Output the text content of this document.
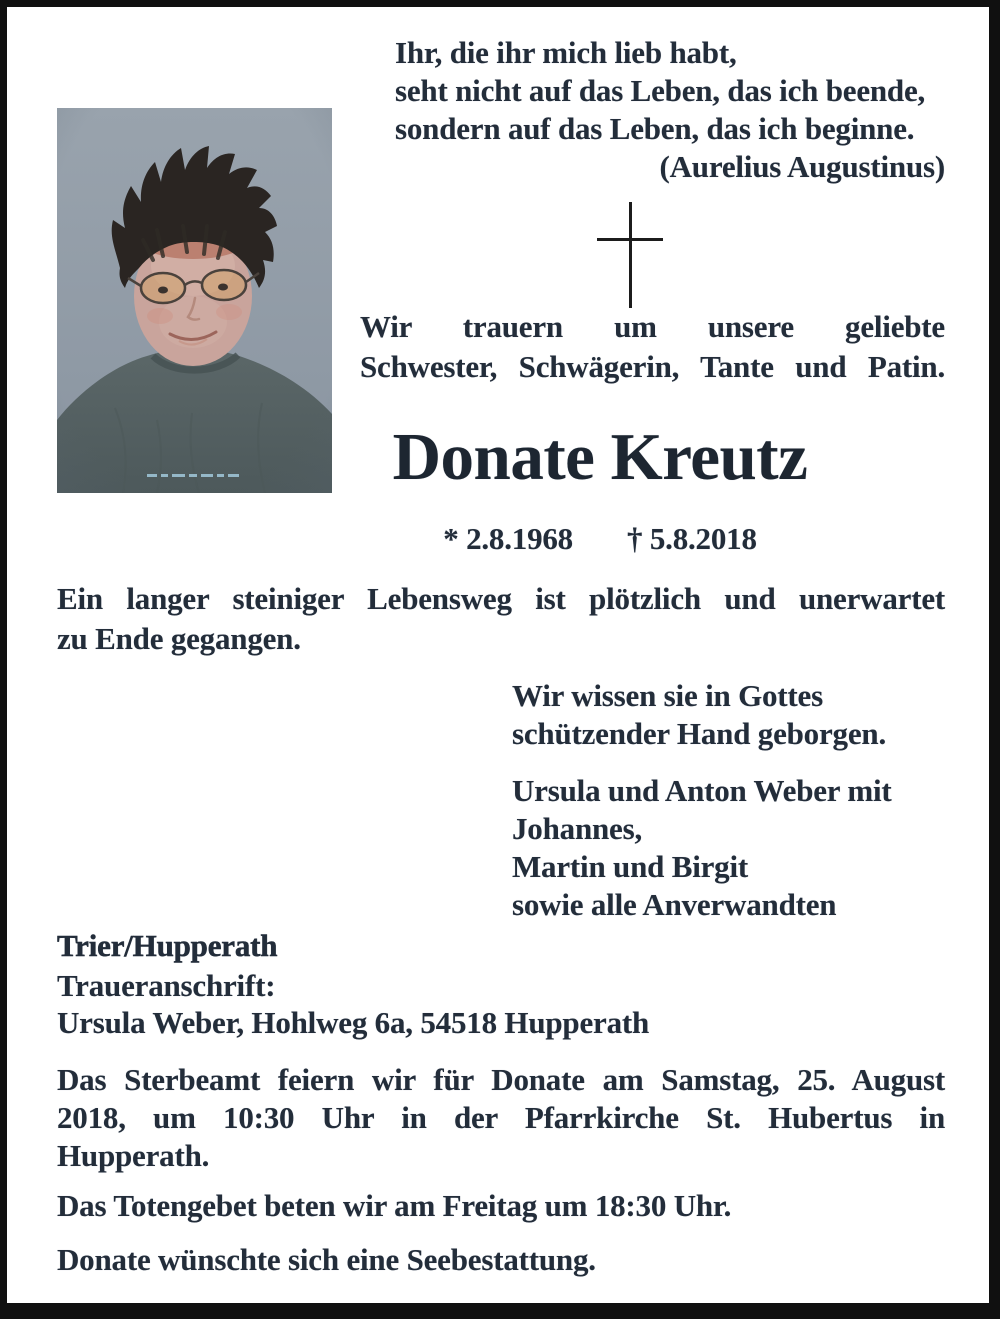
Ihr, die ihr mich lieb habt,
seht nicht auf das Leben, das ich beende,
sondern auf das Leben, das ich beginne.
(Aurelius Augustinus)
Wir trauern um unsere geliebte
Schwester, Schwägerin, Tante und Patin.
Donate Kreutz
* 2.8.1968 † 5.8.2018
Ein langer steiniger Lebensweg ist plötzlich und unerwartet
zu Ende gegangen.
Wir wissen sie in Gottes
schützender Hand geborgen.
Ursula und Anton Weber mit
Johannes,
Martin und Birgit
sowie alle Anverwandten
Trier/Hupperath
Traueranschrift:
Ursula Weber, Hohlweg 6a, 54518 Hupperath
Das Sterbeamt feiern wir für Donate am Samstag, 25. August
2018, um 10:30 Uhr in der Pfarrkirche St. Hubertus in
Hupperath.
Das Totengebet beten wir am Freitag um 18:30 Uhr.
Donate wünschte sich eine Seebestattung.
